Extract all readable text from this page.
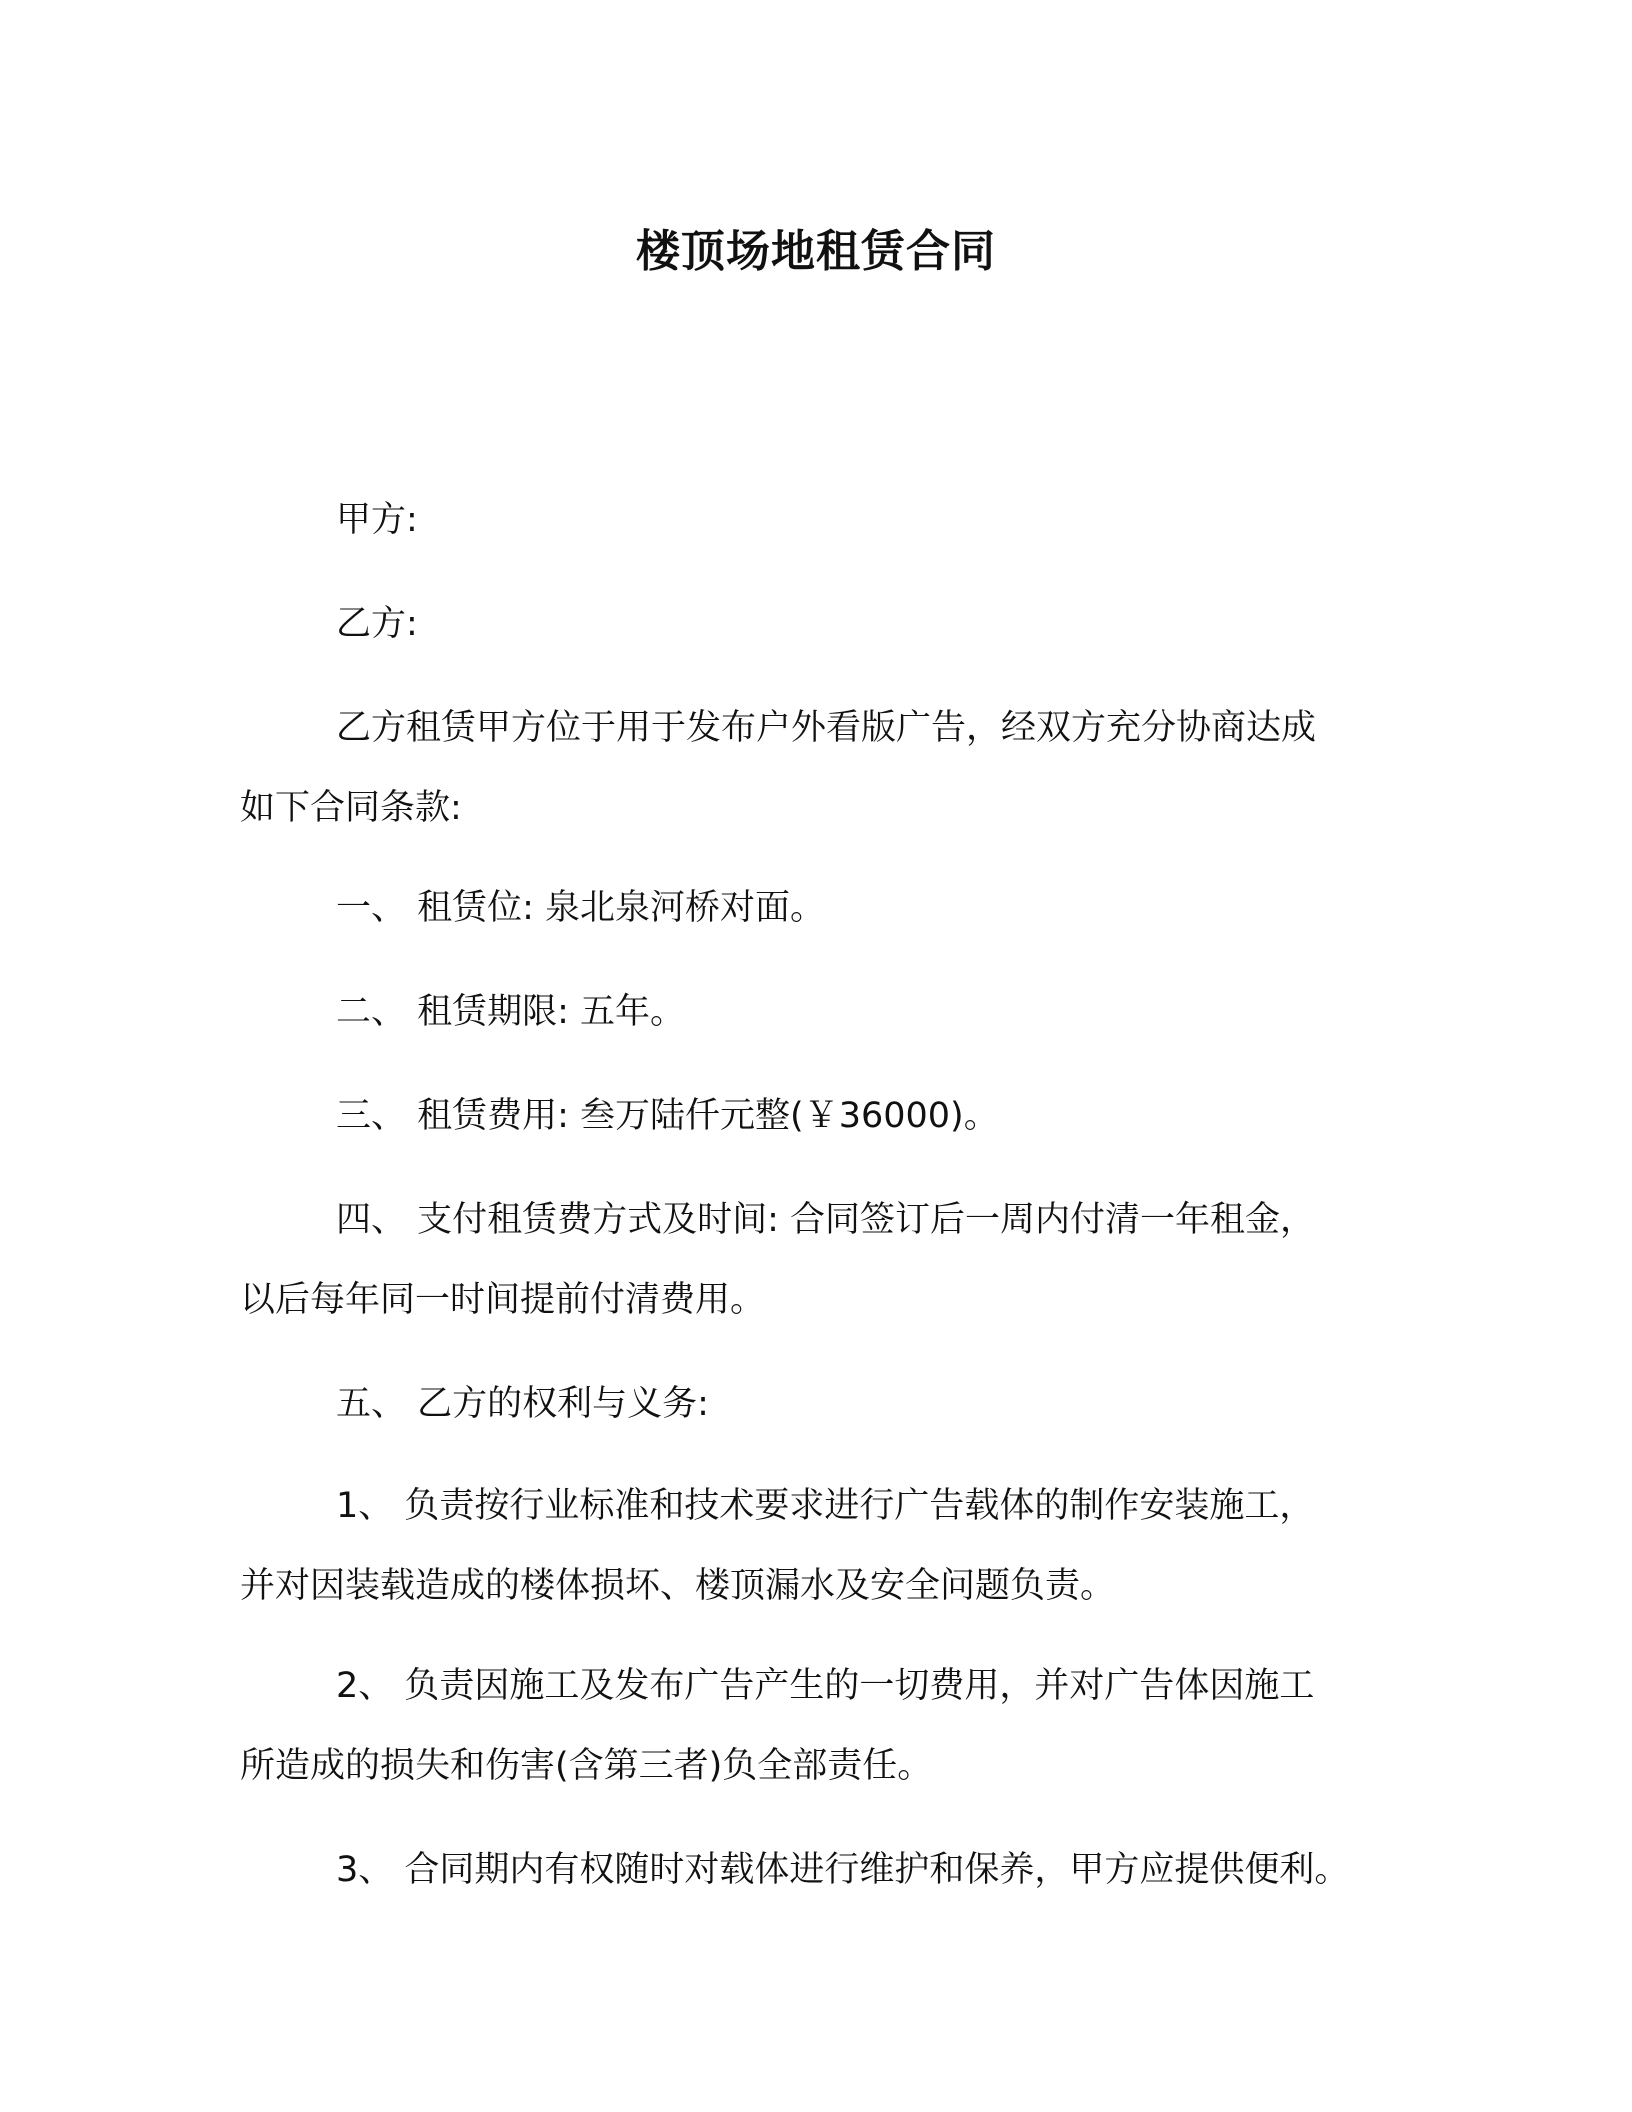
楼顶场地租赁合同
甲方:
乙方:
乙方租赁甲方位于用于发布户外看版广告，经双方充分协商达成
如下合同条款:
一、 租赁位: 泉北泉河桥对面。
二、 租赁期限: 五年。
三、 租赁费用: 叁万陆仟元整(￥36000)。
四、 支付租赁费方式及时间: 合同签订后一周内付清一年租金，
以后每年同一时间提前付清费用。
五、 乙方的权利与义务:
1、 负责按行业标准和技术要求进行广告载体的制作安装施工，
并对因装载造成的楼体损坏、楼顶漏水及安全问题负责。
2、 负责因施工及发布广告产生的一切费用，并对广告体因施工
所造成的损失和伤害(含第三者)负全部责任。
3、 合同期内有权随时对载体进行维护和保养，甲方应提供便利。
